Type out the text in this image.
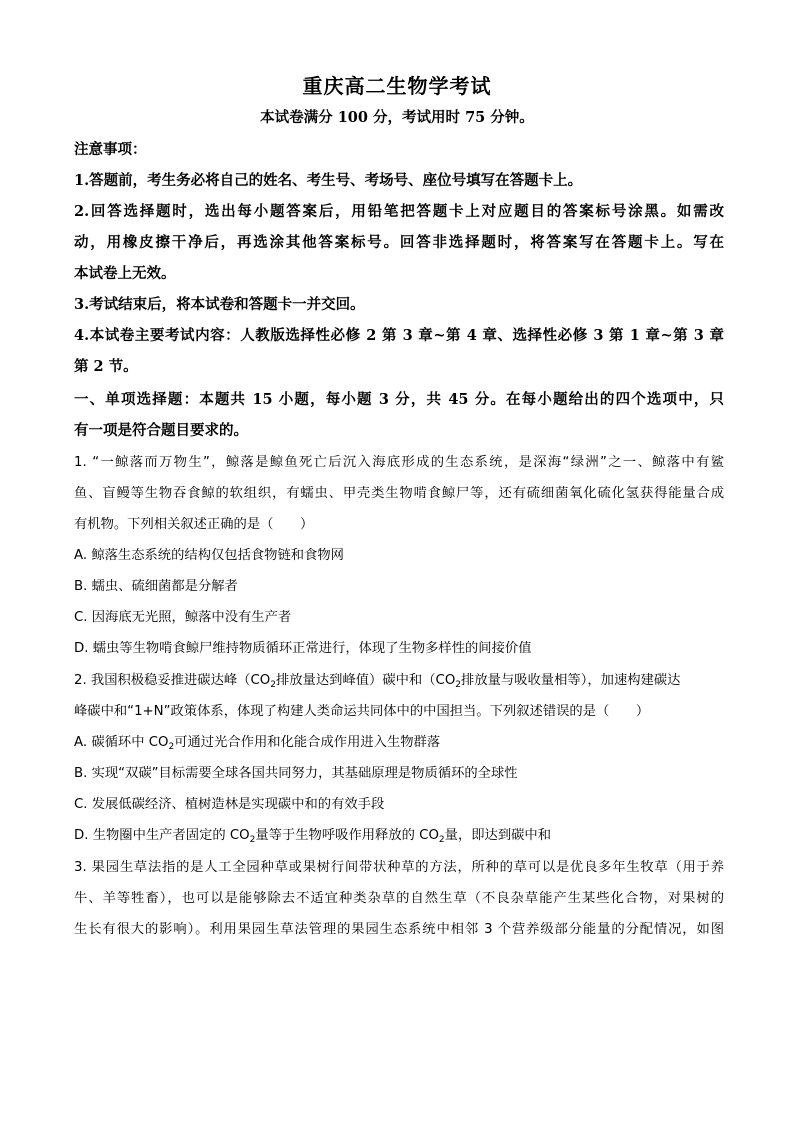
重庆高二生物学考试
本试卷满分 100 分，考试用时 75 分钟。
注意事项：
1.答题前，考生务必将自己的姓名、考生号、考场号、座位号填写在答题卡上。
2.回答选择题时，选出每小题答案后，用铅笔把答题卡上对应题目的答案标号涂黑。如需改
动，用橡皮擦干净后，再选涂其他答案标号。回答非选择题时，将答案写在答题卡上。写在
本试卷上无效。
3.考试结束后，将本试卷和答题卡一并交回。
4.本试卷主要考试内容：人教版选择性必修 2 第 3 章~第 4 章、选择性必修 3 第 1 章~第 3 章
第 2 节。
一、单项选择题：本题共 15 小题，每小题 3 分，共 45 分。在每小题给出的四个选项中，只
有一项是符合题目要求的。
1. “一鲸落而万物生”，鲸落是鲸鱼死亡后沉入海底形成的生态系统，是深海“绿洲”之一、鲸落中有鲨
鱼、盲鳗等生物吞食鲸的软组织，有蠕虫、甲壳类生物啃食鲸尸等，还有硫细菌氧化硫化氢获得能量合成
有机物。下列相关叙述正确的是（　　）
A. 鲸落生态系统的结构仅包括食物链和食物网
B. 蠕虫、硫细菌都是分解者
C. 因海底无光照，鲸落中没有生产者
D. 蠕虫等生物啃食鲸尸维持物质循环正常进行，体现了生物多样性的间接价值
2. 我国积极稳妥推进碳达峰（$CO_2$排放量达到峰值）碳中和（$CO_2$排放量与吸收量相等），加速构建碳达
峰碳中和“1+N”政策体系，体现了构建人类命运共同体中的中国担当。下列叙述错误的是（　　）
A. 碳循环中 $CO_2$可通过光合作用和化能合成作用进入生物群落
B. 实现“双碳”目标需要全球各国共同努力，其基础原理是物质循环的全球性
C. 发展低碳经济、植树造林是实现碳中和的有效手段
D. 生物圈中生产者固定的 $CO_2$量等于生物呼吸作用释放的 $CO_2$量，即达到碳中和
3. 果园生草法指的是人工全园种草或果树行间带状种草的方法，所种的草可以是优良多年生牧草（用于养
牛、羊等牲畜），也可以是能够除去不适宜种类杂草的自然生草（不良杂草能产生某些化合物，对果树的
生长有很大的影响）。利用果园生草法管理的果园生态系统中相邻 3 个营养级部分能量的分配情况，如图
